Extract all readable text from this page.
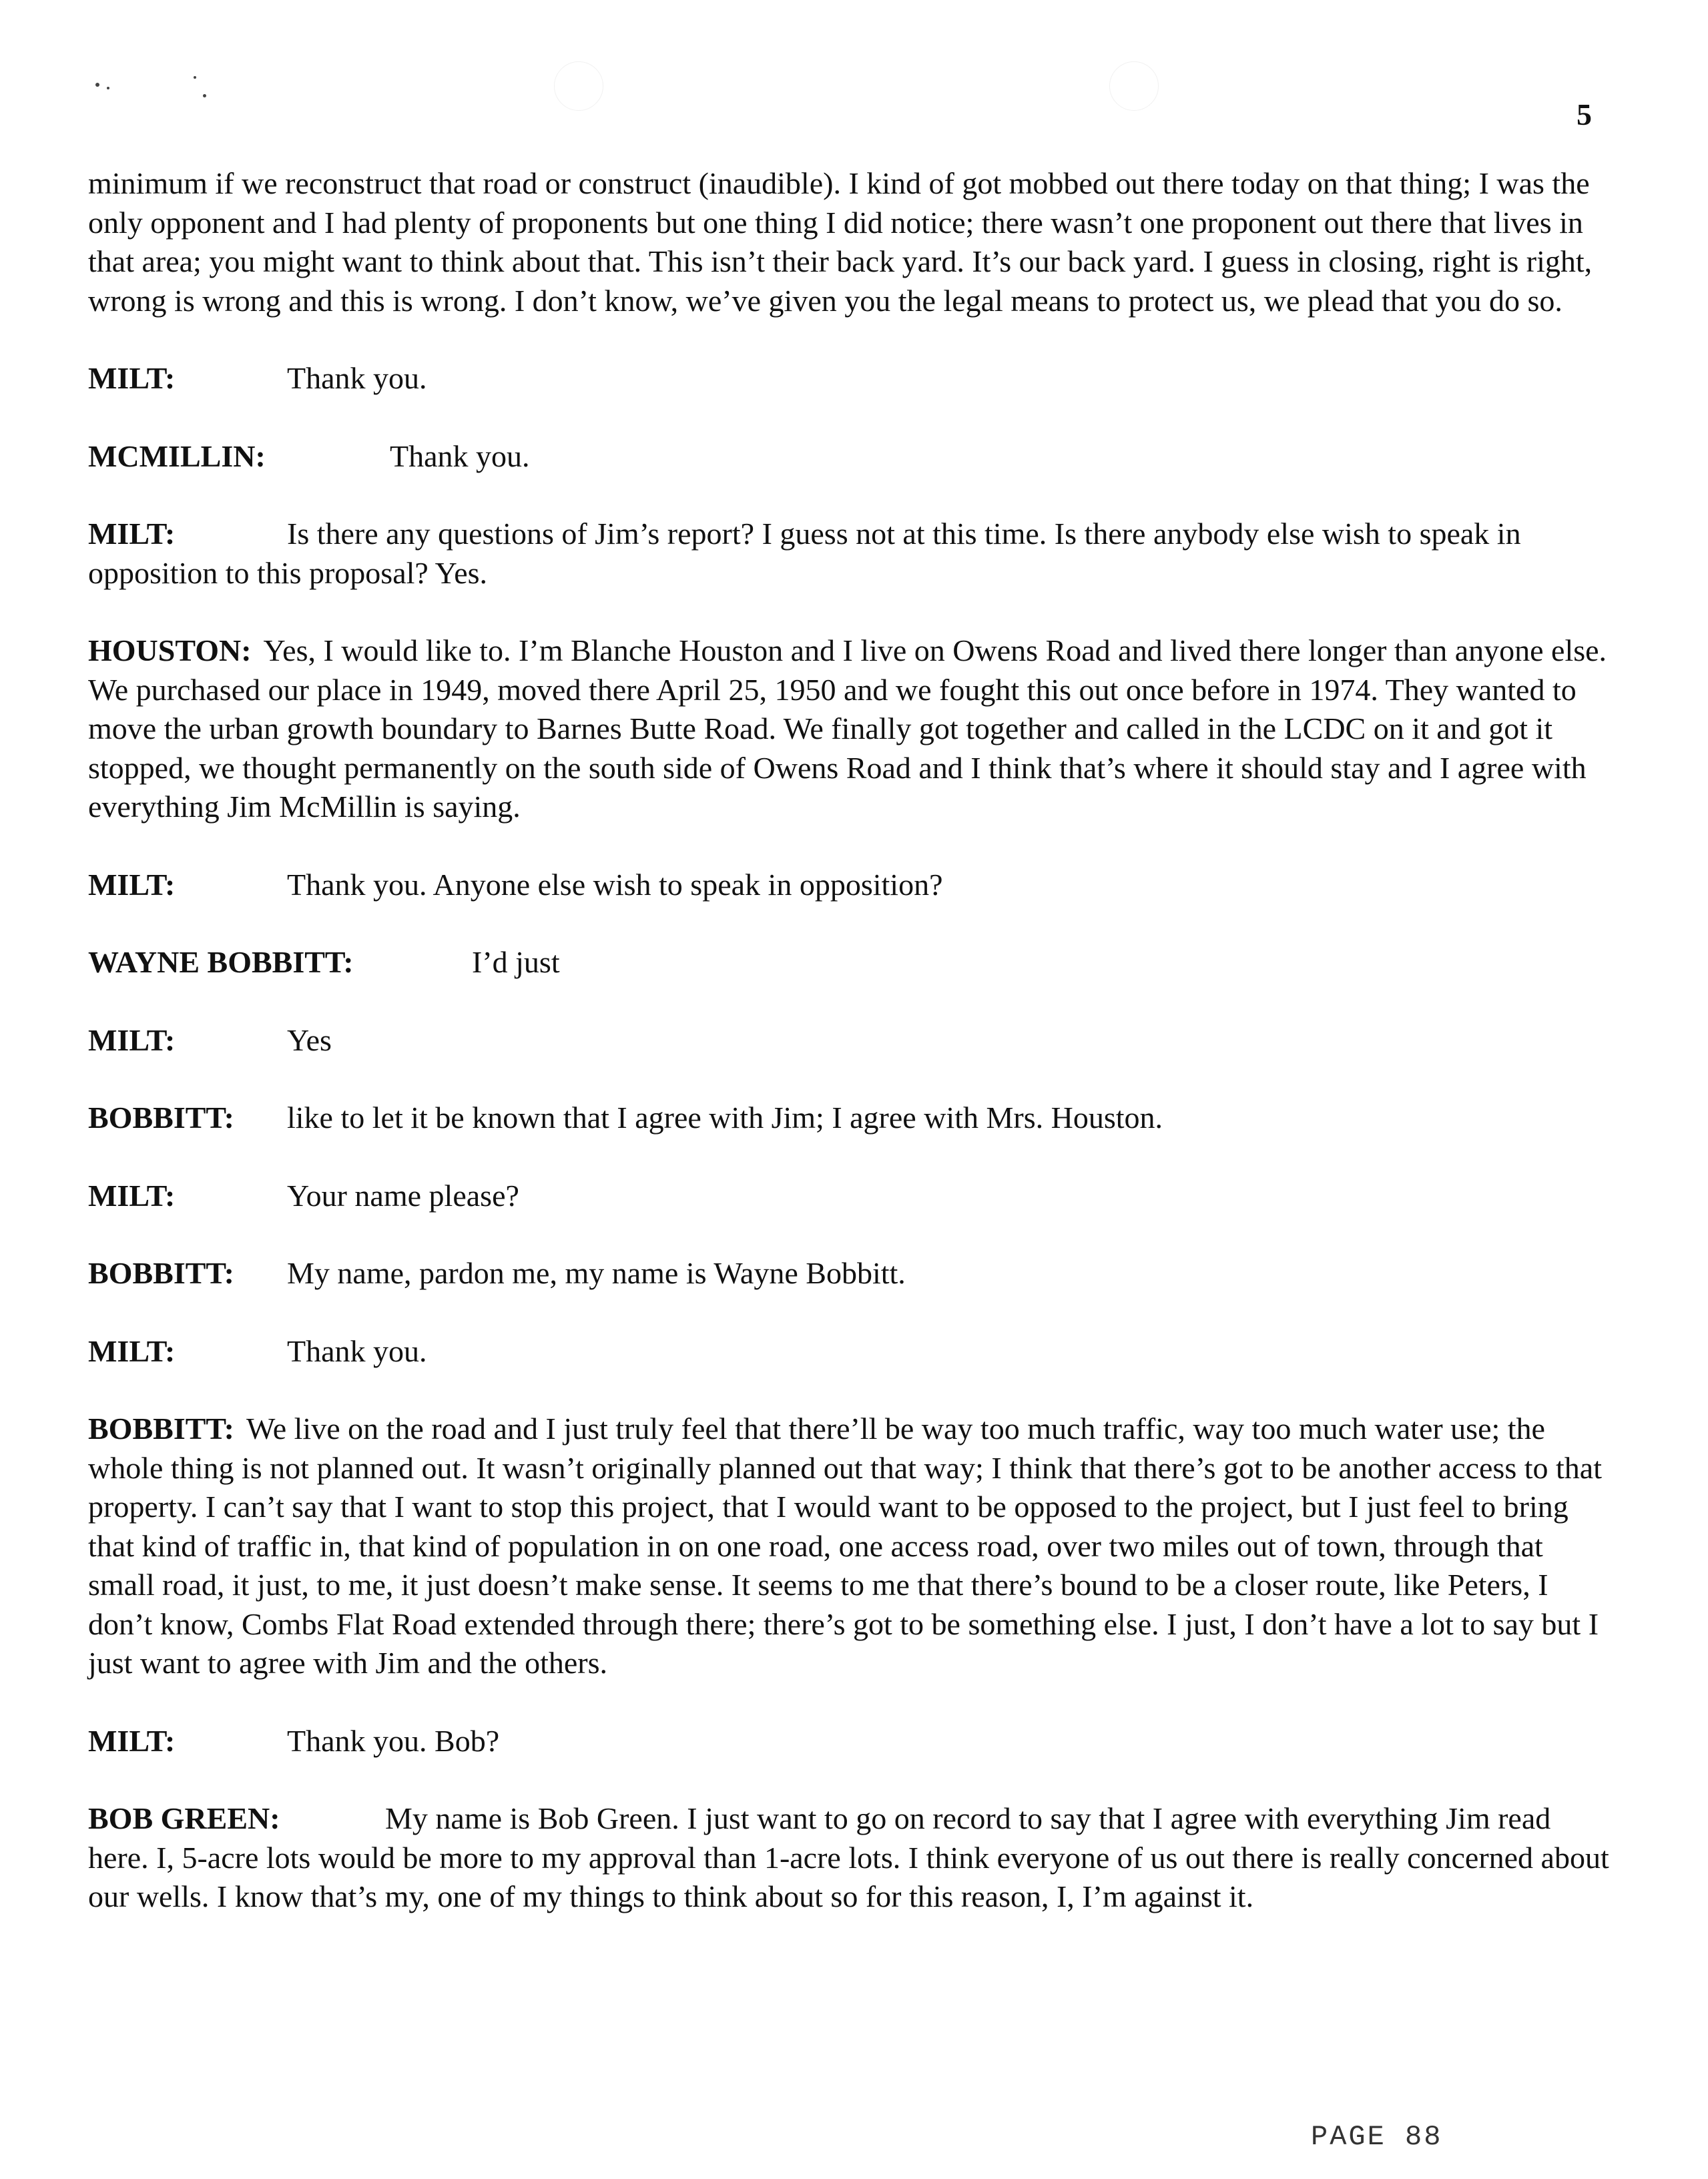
5

minimum if we reconstruct that road or construct (inaudible). I kind of got mobbed out there today on that thing; I was the only opponent and I had plenty of proponents but one thing I did notice; there wasn’t one proponent out there that lives in that area; you might want to think about that. This isn’t their back yard. It’s our back yard. I guess in closing, right is right, wrong is wrong and this is wrong. I don’t know, we’ve given you the legal means to protect us, we plead that you do so.

MILT:	Thank you.

MCMILLIN:	Thank you.

MILT:	Is there any questions of Jim’s report? I guess not at this time. Is there anybody else wish to speak in opposition to this proposal? Yes.

HOUSTON: Yes, I would like to. I’m Blanche Houston and I live on Owens Road and lived there longer than anyone else. We purchased our place in 1949, moved there April 25, 1950 and we fought this out once before in 1974. They wanted to move the urban growth boundary to Barnes Butte Road. We finally got together and called in the LCDC on it and got it stopped, we thought permanently on the south side of Owens Road and I think that’s where it should stay and I agree with everything Jim McMillin is saying.

MILT:	Thank you. Anyone else wish to speak in opposition?

WAYNE BOBBITT:	I’d just

MILT:	Yes

BOBBITT: like to let it be known that I agree with Jim; I agree with Mrs. Houston.

MILT:	Your name please?

BOBBITT: My name, pardon me, my name is Wayne Bobbitt.

MILT:	Thank you.

BOBBITT: We live on the road and I just truly feel that there’ll be way too much traffic, way too much water use; the whole thing is not planned out. It wasn’t originally planned out that way; I think that there’s got to be another access to that property. I can’t say that I want to stop this project, that I would want to be opposed to the project, but I just feel to bring that kind of traffic in, that kind of population in on one road, one access road, over two miles out of town, through that small road, it just, to me, it just doesn’t make sense. It seems to me that there’s bound to be a closer route, like Peters, I don’t know, Combs Flat Road extended through there; there’s got to be something else. I just, I don’t have a lot to say but I just want to agree with Jim and the others.

MILT:	Thank you. Bob?

BOB GREEN:	My name is Bob Green. I just want to go on record to say that I agree with everything Jim read here. I, 5-acre lots would be more to my approval than 1-acre lots. I think everyone of us out there is really concerned about our wells. I know that’s my, one of my things to think about so for this reason, I, I’m against it.

PAGE 88
